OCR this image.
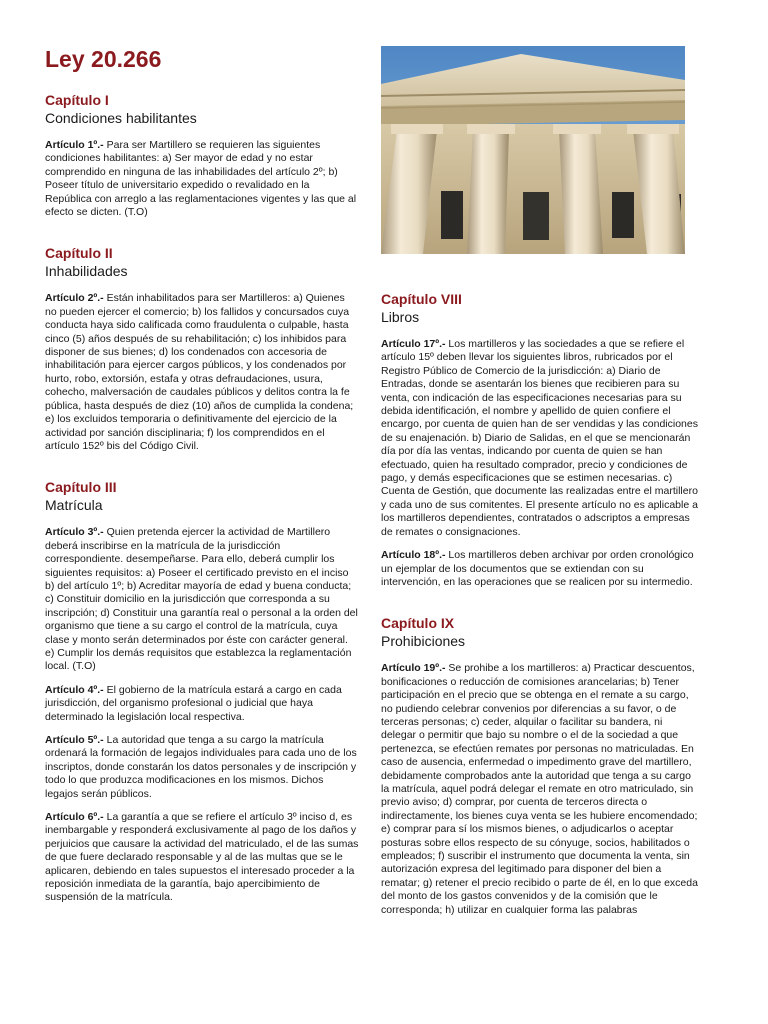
Ley 20.266
Capítulo I
Condiciones habilitantes

Artículo 1º.- Para ser Martillero se requieren las siguientes condiciones habilitantes: a) Ser mayor de edad y no estar comprendido en ninguna de las inhabilidades del artículo 2º; b) Poseer título de universitario expedido o revalidado en la República con arreglo a las reglamentaciones vigentes y las que al efecto se dicten. (T.O)

Capítulo II
Inhabilidades

Artículo 2º.- Están inhabilitados para ser Martilleros: a) Quienes no pueden ejercer el comercio; b) los fallidos y concursados cuya conducta haya sido calificada como fraudulenta o culpable, hasta cinco (5) años después de su rehabilitación; c) los inhibidos para disponer de sus bienes; d) los condenados con accesoria de inhabilitación para ejercer cargos públicos, y los condenados por hurto, robo, extorsión, estafa y otras defraudaciones, usura, cohecho, malversación de caudales públicos y delitos contra la fe pública, hasta después de diez (10) años de cumplida la condena; e) los excluidos temporaria o definitivamente del ejercicio de la actividad por sanción disciplinaria; f) los comprendidos en el artículo 152º bis del Código Civil.

Capítulo III
Matrícula

Artículo 3º.- Quien pretenda ejercer la actividad de Martillero deberá inscribirse en la matrícula de la jurisdicción correspondiente. desempeñarse. Para ello, deberá cumplir los siguientes requisitos: a) Poseer el certificado previsto en el inciso b) del artículo 1º; b) Acreditar mayoría de edad y buena conducta; c) Constituir domicilio en la jurisdicción que corresponda a su inscripción; d) Constituir una garantía real o personal a la orden del organismo que tiene a su cargo el control de la matrícula, cuya clase y monto serán determinados por éste con carácter general. e) Cumplir los demás requisitos que establezca la reglamentación local. (T.O)

Artículo 4º.- El gobierno de la matrícula estará a cargo en cada jurisdicción, del organismo profesional o judicial que haya determinado la legislación local respectiva.

Artículo 5º.- La autoridad que tenga a su cargo la matrícula ordenará la formación de legajos individuales para cada uno de los inscriptos, donde constarán los datos personales y de inscripción y todo lo que produzca modificaciones en los mismos. Dichos legajos serán públicos.

Artículo 6º.- La garantía a que se refiere el artículo 3º inciso d, es inembargable y responderá exclusivamente al pago de los daños y perjuicios que causare la actividad del matriculado, el de las sumas de que fuere declarado responsable y al de las multas que se le aplicaren, debiendo en tales supuestos el interesado proceder a la reposición inmediata de la garantía, bajo apercibimiento de suspensión de la matrícula.

Capítulo VIII
Libros

Artículo 17º.- Los martilleros y las sociedades a que se refiere el artículo 15º deben llevar los siguientes libros, rubricados por el Registro Público de Comercio de la jurisdicción: a) Diario de Entradas, donde se asentarán los bienes que recibieren para su venta, con indicación de las especificaciones necesarias para su debida identificación, el nombre y apellido de quien confiere el encargo, por cuenta de quien han de ser vendidas y las condiciones de su enajenación. b) Diario de Salidas, en el que se mencionarán día por día las ventas, indicando por cuenta de quien se han efectuado, quien ha resultado comprador, precio y condiciones de pago, y demás especificaciones que se estimen necesarias. c) Cuenta de Gestión, que documente las realizadas entre el martillero y cada uno de sus comitentes. El presente artículo no es aplicable a los martilleros dependientes, contratados o adscriptos a empresas de remates o consignaciones.

Artículo 18º.- Los martilleros deben archivar por orden cronológico un ejemplar de los documentos que se extiendan con su intervención, en las operaciones que se realicen por su intermedio.

Capítulo IX
Prohibiciones

Artículo 19º.- Se prohibe a los martilleros: a) Practicar descuentos, bonificaciones o reducción de comisiones arancelarias; b) Tener participación en el precio que se obtenga en el remate a su cargo, no pudiendo celebrar convenios por diferencias a su favor, o de terceras personas; c) ceder, alquilar o facilitar su bandera, ni delegar o permitir que bajo su nombre o el de la sociedad a que pertenezca, se efectúen remates por personas no matriculadas. En caso de ausencia, enfermedad o impedimento grave del martillero, debidamente comprobados ante la autoridad que tenga a su cargo la matrícula, aquel podrá delegar el remate en otro matriculado, sin previo aviso; d) comprar, por cuenta de terceros directa o indirectamente, los bienes cuya venta se les hubiere encomendado; e) comprar para sí los mismos bienes, o adjudicarlos o aceptar posturas sobre ellos respecto de su cónyuge, socios, habilitados o empleados; f) suscribir el instrumento que documenta la venta, sin autorización expresa del legitimado para disponer del bien a rematar; g) retener el precio recibido o parte de él, en lo que exceda del monto de los gastos convenidos y de la comisión que le corresponda; h) utilizar en cualquier forma las palabras
